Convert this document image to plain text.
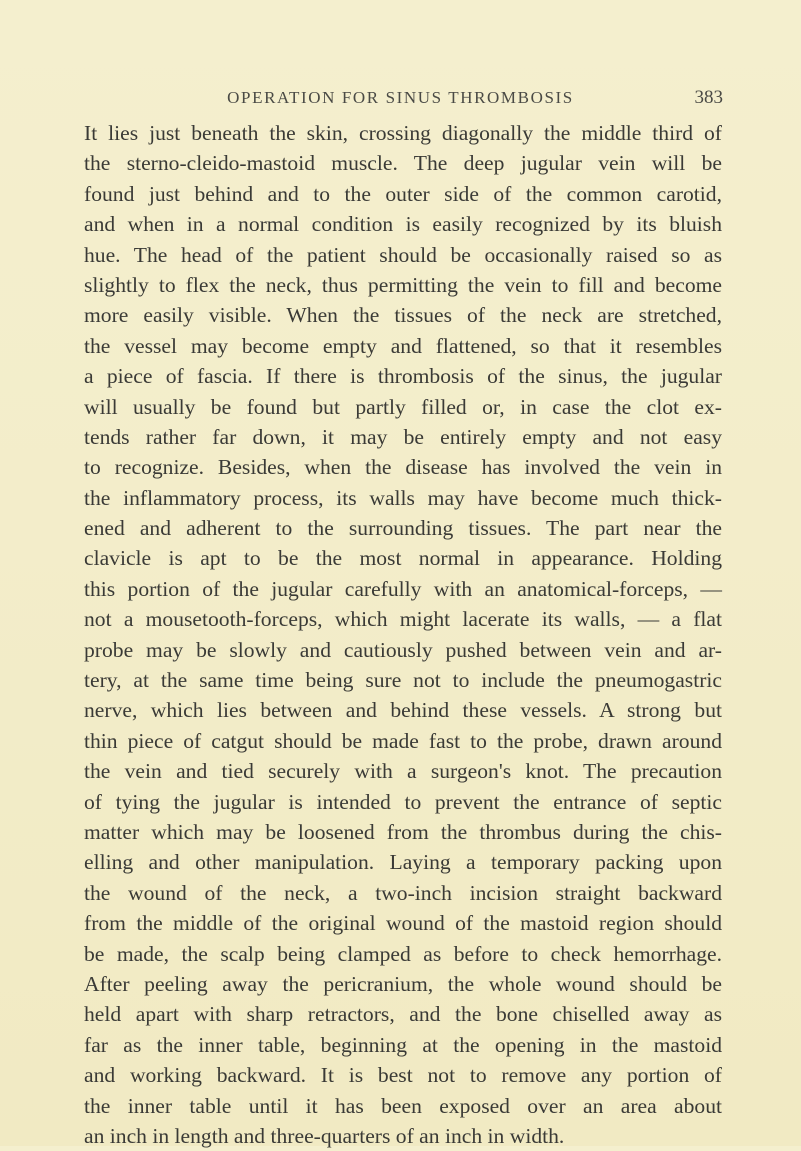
OPERATION FOR SINUS THROMBOSIS	383
It lies just beneath the skin, crossing diagonally the middle third of
the sterno-cleido-mastoid muscle. The deep jugular vein will be
found just behind and to the outer side of the common carotid,
and when in a normal condition is easily recognized by its bluish
hue. The head of the patient should be occasionally raised so as
slightly to flex the neck, thus permitting the vein to fill and become
more easily visible. When the tissues of the neck are stretched,
the vessel may become empty and flattened, so that it resembles
a piece of fascia. If there is thrombosis of the sinus, the jugular
will usually be found but partly filled or, in case the clot ex-
tends rather far down, it may be entirely empty and not easy
to recognize. Besides, when the disease has involved the vein in
the inflammatory process, its walls may have become much thick-
ened and adherent to the surrounding tissues. The part near the
clavicle is apt to be the most normal in appearance. Holding
this portion of the jugular carefully with an anatomical-forceps, —
not a mousetooth-forceps, which might lacerate its walls, — a flat
probe may be slowly and cautiously pushed between vein and ar-
tery, at the same time being sure not to include the pneumogastric
nerve, which lies between and behind these vessels. A strong but
thin piece of catgut should be made fast to the probe, drawn around
the vein and tied securely with a surgeon's knot. The precaution
of tying the jugular is intended to prevent the entrance of septic
matter which may be loosened from the thrombus during the chis-
elling and other manipulation. Laying a temporary packing upon
the wound of the neck, a two-inch incision straight backward
from the middle of the original wound of the mastoid region should
be made, the scalp being clamped as before to check hemorrhage.
After peeling away the pericranium, the whole wound should be
held apart with sharp retractors, and the bone chiselled away as
far as the inner table, beginning at the opening in the mastoid
and working backward. It is best not to remove any portion of
the inner table until it has been exposed over an area about
an inch in length and three-quarters of an inch in width.
